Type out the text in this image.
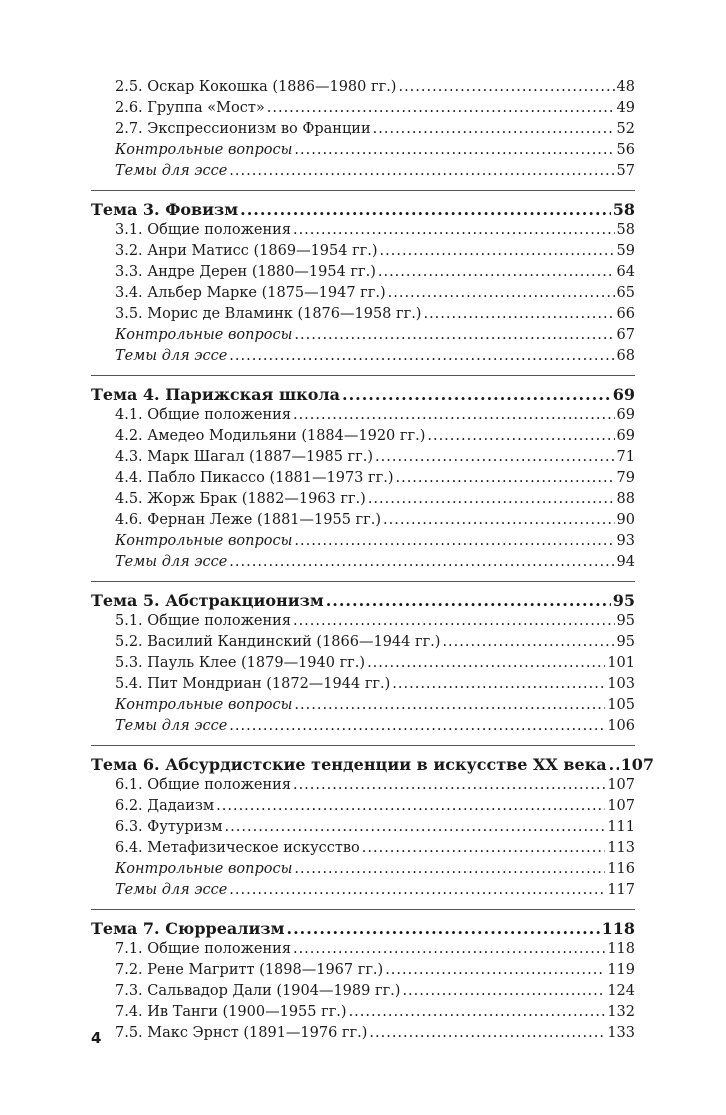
2.5. Оскар Кокошка (1886—1980 гг.) .....	48
2.6. Группа «Мост» .....	49
2.7. Экспрессионизм во Франции .....	52
Контрольные вопросы .....	56
Темы для эссе .....	57
Тема 3. Фовизм .....	58
3.1. Общие положения .....	58
3.2. Анри Матисс (1869—1954 гг.) .....	59
3.3. Андре Дерен (1880—1954 гг.) .....	64
3.4. Альбер Марке (1875—1947 гг.) .....	65
3.5. Морис де Вламинк (1876—1958 гг.) .....	66
Контрольные вопросы .....	67
Темы для эссе .....	68
Тема 4. Парижская школа .....	69
4.1. Общие положения .....	69
4.2. Амедео Модильяни (1884—1920 гг.) .....	69
4.3. Марк Шагал (1887—1985 гг.) .....	71
4.4. Пабло Пикассо (1881—1973 гг.) .....	79
4.5. Жорж Брак (1882—1963 гг.) .....	88
4.6. Фернан Леже (1881—1955 гг.) .....	90
Контрольные вопросы .....	93
Темы для эссе .....	94
Тема 5. Абстракционизм .....	95
5.1. Общие положения .....	95
5.2. Василий Кандинский (1866—1944 гг.) .....	95
5.3. Пауль Клее (1879—1940 гг.) .....	101
5.4. Пит Мондриан (1872—1944 гг.) .....	103
Контрольные вопросы .....	105
Темы для эссе .....	106
Тема 6. Абсурдистские тенденции в искусстве XX века ..... 107
6.1. Общие положения .....	107
6.2. Дадаизм .....	107
6.3. Футуризм .....	111
6.4. Метафизическое искусство .....	113
Контрольные вопросы .....	116
Темы для эссе .....	117
Тема 7. Сюрреализм .....	118
7.1. Общие положения .....	118
7.2. Рене Магритт (1898—1967 гг.) .....	119
7.3. Сальвадор Дали (1904—1989 гг.) .....	124
7.4. Ив Танги (1900—1955 гг.) .....	132
7.5. Макс Эрнст (1891—1976 гг.) .....	133
4
